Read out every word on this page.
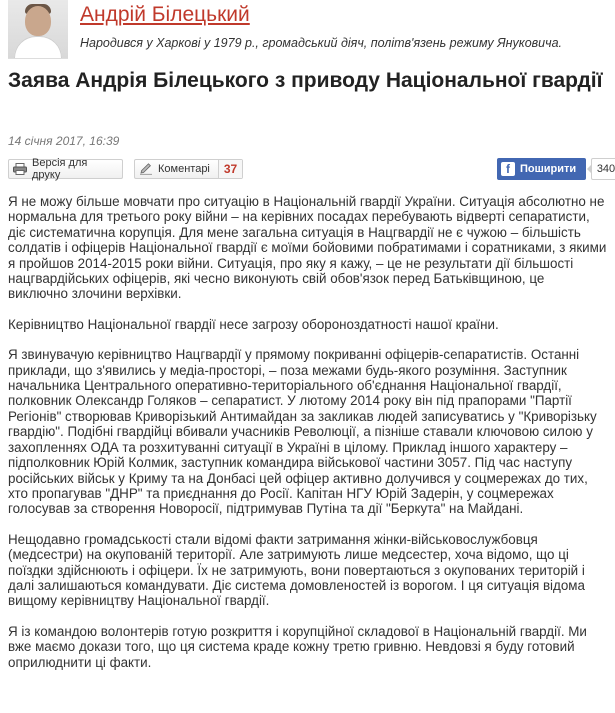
Андрій Білецький
Народився у Харкові у 1979 р., громадський діяч, політв'язень режиму Януковича.
Заява Андрія Білецького з приводу Національної гвардії
14 січня 2017, 16:39
Версія для друку	Коментарі	37	f Поширити	340

Я не можу більше мовчати про ситуацію в Національній гвардії України. Ситуація абсолютно не нормальна для третього року війни – на керівних посадах перебувають відверті сепаратисти, діє систематична корупція. Для мене загальна ситуація в Нацгвардії не є чужою – більшість солдатів і офіцерів Національної гвардії є моїми бойовими побратимами і соратниками, з якими я пройшов 2014-2015 роки війни. Ситуація, про яку я кажу, – це не результати дії більшості нацгвардійських офіцерів, які чесно виконують свій обов'язок перед Батьківщиною, це виключно злочини верхівки.

Керівництво Національної гвардії несе загрозу обороноздатності нашої країни.

Я звинувачую керівництво Нацгвардії у прямому покриванні офіцерів-сепаратистів. Останні приклади, що з'явились у медіа-просторі, – поза межами будь-якого розуміння. Заступник начальника Центрального оперативно-територіального об'єднання Національної гвардії, полковник Олександр Голяков – сепаратист. У лютому 2014 року він під прапорами "Партії Регіонів" створював Криворізький Антимайдан за закликав людей записуватись у "Криворізьку гвардію". Подібні гвардійці вбивали учасників Революції, а пізніше ставали ключовою силою у захопленнях ОДА та розхитуванні ситуації в Україні в цілому. Приклад іншого характеру – підполковник Юрій Колмик, заступник командира військової частини 3057. Під час наступу російських військ у Криму та на Донбасі цей офіцер активно долучився у соцмережах до тих, хто пропагував "ДНР" та приєднання до Росії. Капітан НГУ Юрій Задерін, у соцмережах голосував за створення Новоросії, підтримував Путіна та дії "Беркута" на Майдані.

Нещодавно громадськості стали відомі факти затримання жінки-військовослужбовця (медсестри) на окупованій території. Але затримують лише медсестер, хоча відомо, що ці поїздки здійснюють і офіцери. Їх не затримують, вони повертаються з окупованих територій і далі залишаються командувати. Діє система домовленостей із ворогом. І ця ситуація відома вищому керівництву Національної гвардії.

Я із командою волонтерів готую розкриття і корупційної складової в Національній гвардії. Ми вже маємо докази того, що ця система краде кожну третю гривню. Невдовзі я буду готовий оприлюднити ці факти.
